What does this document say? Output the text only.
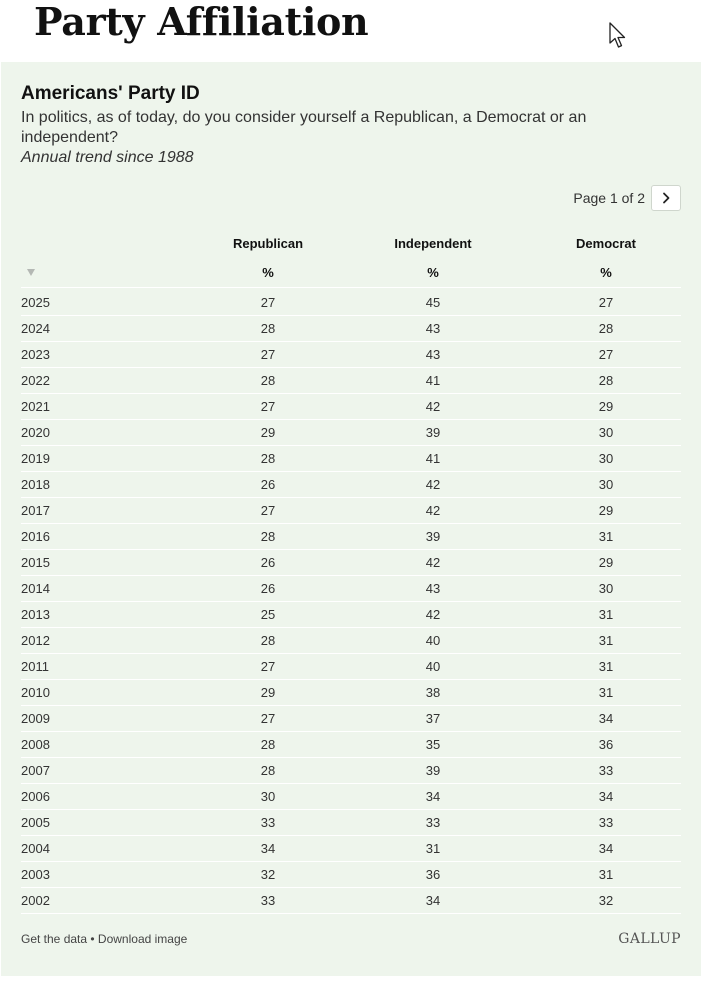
Party Affiliation
Americans' Party ID
In politics, as of today, do you consider yourself a Republican, a Democrat or an independent?
Annual trend since 1988
Page 1 of 2
Republican	Independent	Democrat
%	%	%
2025	27	45	27
2024	28	43	28
2023	27	43	27
2022	28	41	28
2021	27	42	29
2020	29	39	30
2019	28	41	30
2018	26	42	30
2017	27	42	29
2016	28	39	31
2015	26	42	29
2014	26	43	30
2013	25	42	31
2012	28	40	31
2011	27	40	31
2010	29	38	31
2009	27	37	34
2008	28	35	36
2007	28	39	33
2006	30	34	34
2005	33	33	33
2004	34	31	34
2003	32	36	31
2002	33	34	32
Get the data • Download image	GALLUP
